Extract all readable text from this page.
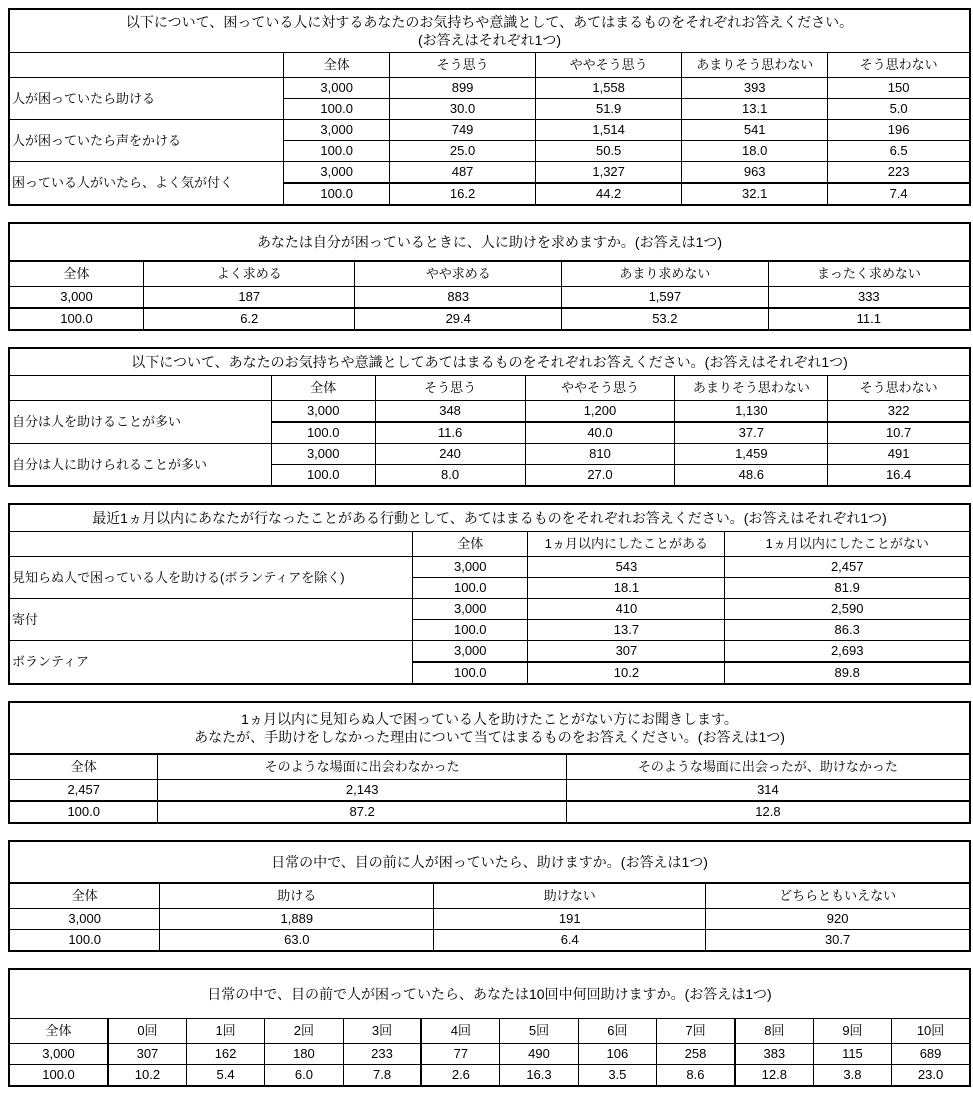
以下について、困っている人に対するあなたのお気持ちや意識として、あてはまるものをそれぞれお答えください。
(お答えはそれぞれ1つ)					

	全体	そう思う	ややそう思う	あまりそう思わない	そう思わない
人が困っていたら助ける	3,000	899	1,558	393	150
	100.0	30.0	51.9	13.1	5.0
人が困っていたら声をかける	3,000	749	1,514	541	196
	100.0	25.0	50.5	18.0	6.5
困っている人がいたら、よく気が付く	3,000	487	1,327	963	223
	100.0	16.2	44.2	32.1	7.4
あなたは自分が困っているときに、人に助けを求めますか。(お答えは1つ)				

全体	よく求める	やや求める	あまり求めない	まったく求めない
3,000	187	883	1,597	333
100.0	6.2	29.4	53.2	11.1
以下について、あなたのお気持ちや意識としてあてはまるものをそれぞれお答えください。(お答えはそれぞれ1つ)					

	全体	そう思う	ややそう思う	あまりそう思わない	そう思わない
自分は人を助けることが多い	3,000	348	1,200	1,130	322
	100.0	11.6	40.0	37.7	10.7
自分は人に助けられることが多い	3,000	240	810	1,459	491
	100.0	8.0	27.0	48.6	16.4
最近1ヵ月以内にあなたが行なったことがある行動として、あてはまるものをそれぞれお答えください。(お答えはそれぞれ1つ)			

	全体	1ヵ月以内にしたことがある	1ヵ月以内にしたことがない
見知らぬ人で困っている人を助ける(ボランティアを除く)	3,000	543	2,457
	100.0	18.1	81.9
寄付	3,000	410	2,590
	100.0	13.7	86.3
ボランティア	3,000	307	2,693
	100.0	10.2	89.8
1ヵ月以内に見知らぬ人で困っている人を助けたことがない方にお聞きします。
あなたが、手助けをしなかった理由について当てはまるものをお答えください。(お答えは1つ)		

全体	そのような場面に出会わなかった	そのような場面に出会ったが、助けなかった
2,457	2,143	314
100.0	87.2	12.8
日常の中で、目の前に人が困っていたら、助けますか。(お答えは1つ)			

全体	助ける	助けない	どちらともいえない
3,000	1,889	191	920
100.0	63.0	6.4	30.7
日常の中で、目の前で人が困っていたら、あなたは10回中何回助けますか。(お答えは1つ)											

全体	0回	1回	2回	3回	4回	5回	6回	7回	8回	9回	10回
3,000	307	162	180	233	77	490	106	258	383	115	689
100.0	10.2	5.4	6.0	7.8	2.6	16.3	3.5	8.6	12.8	3.8	23.0
